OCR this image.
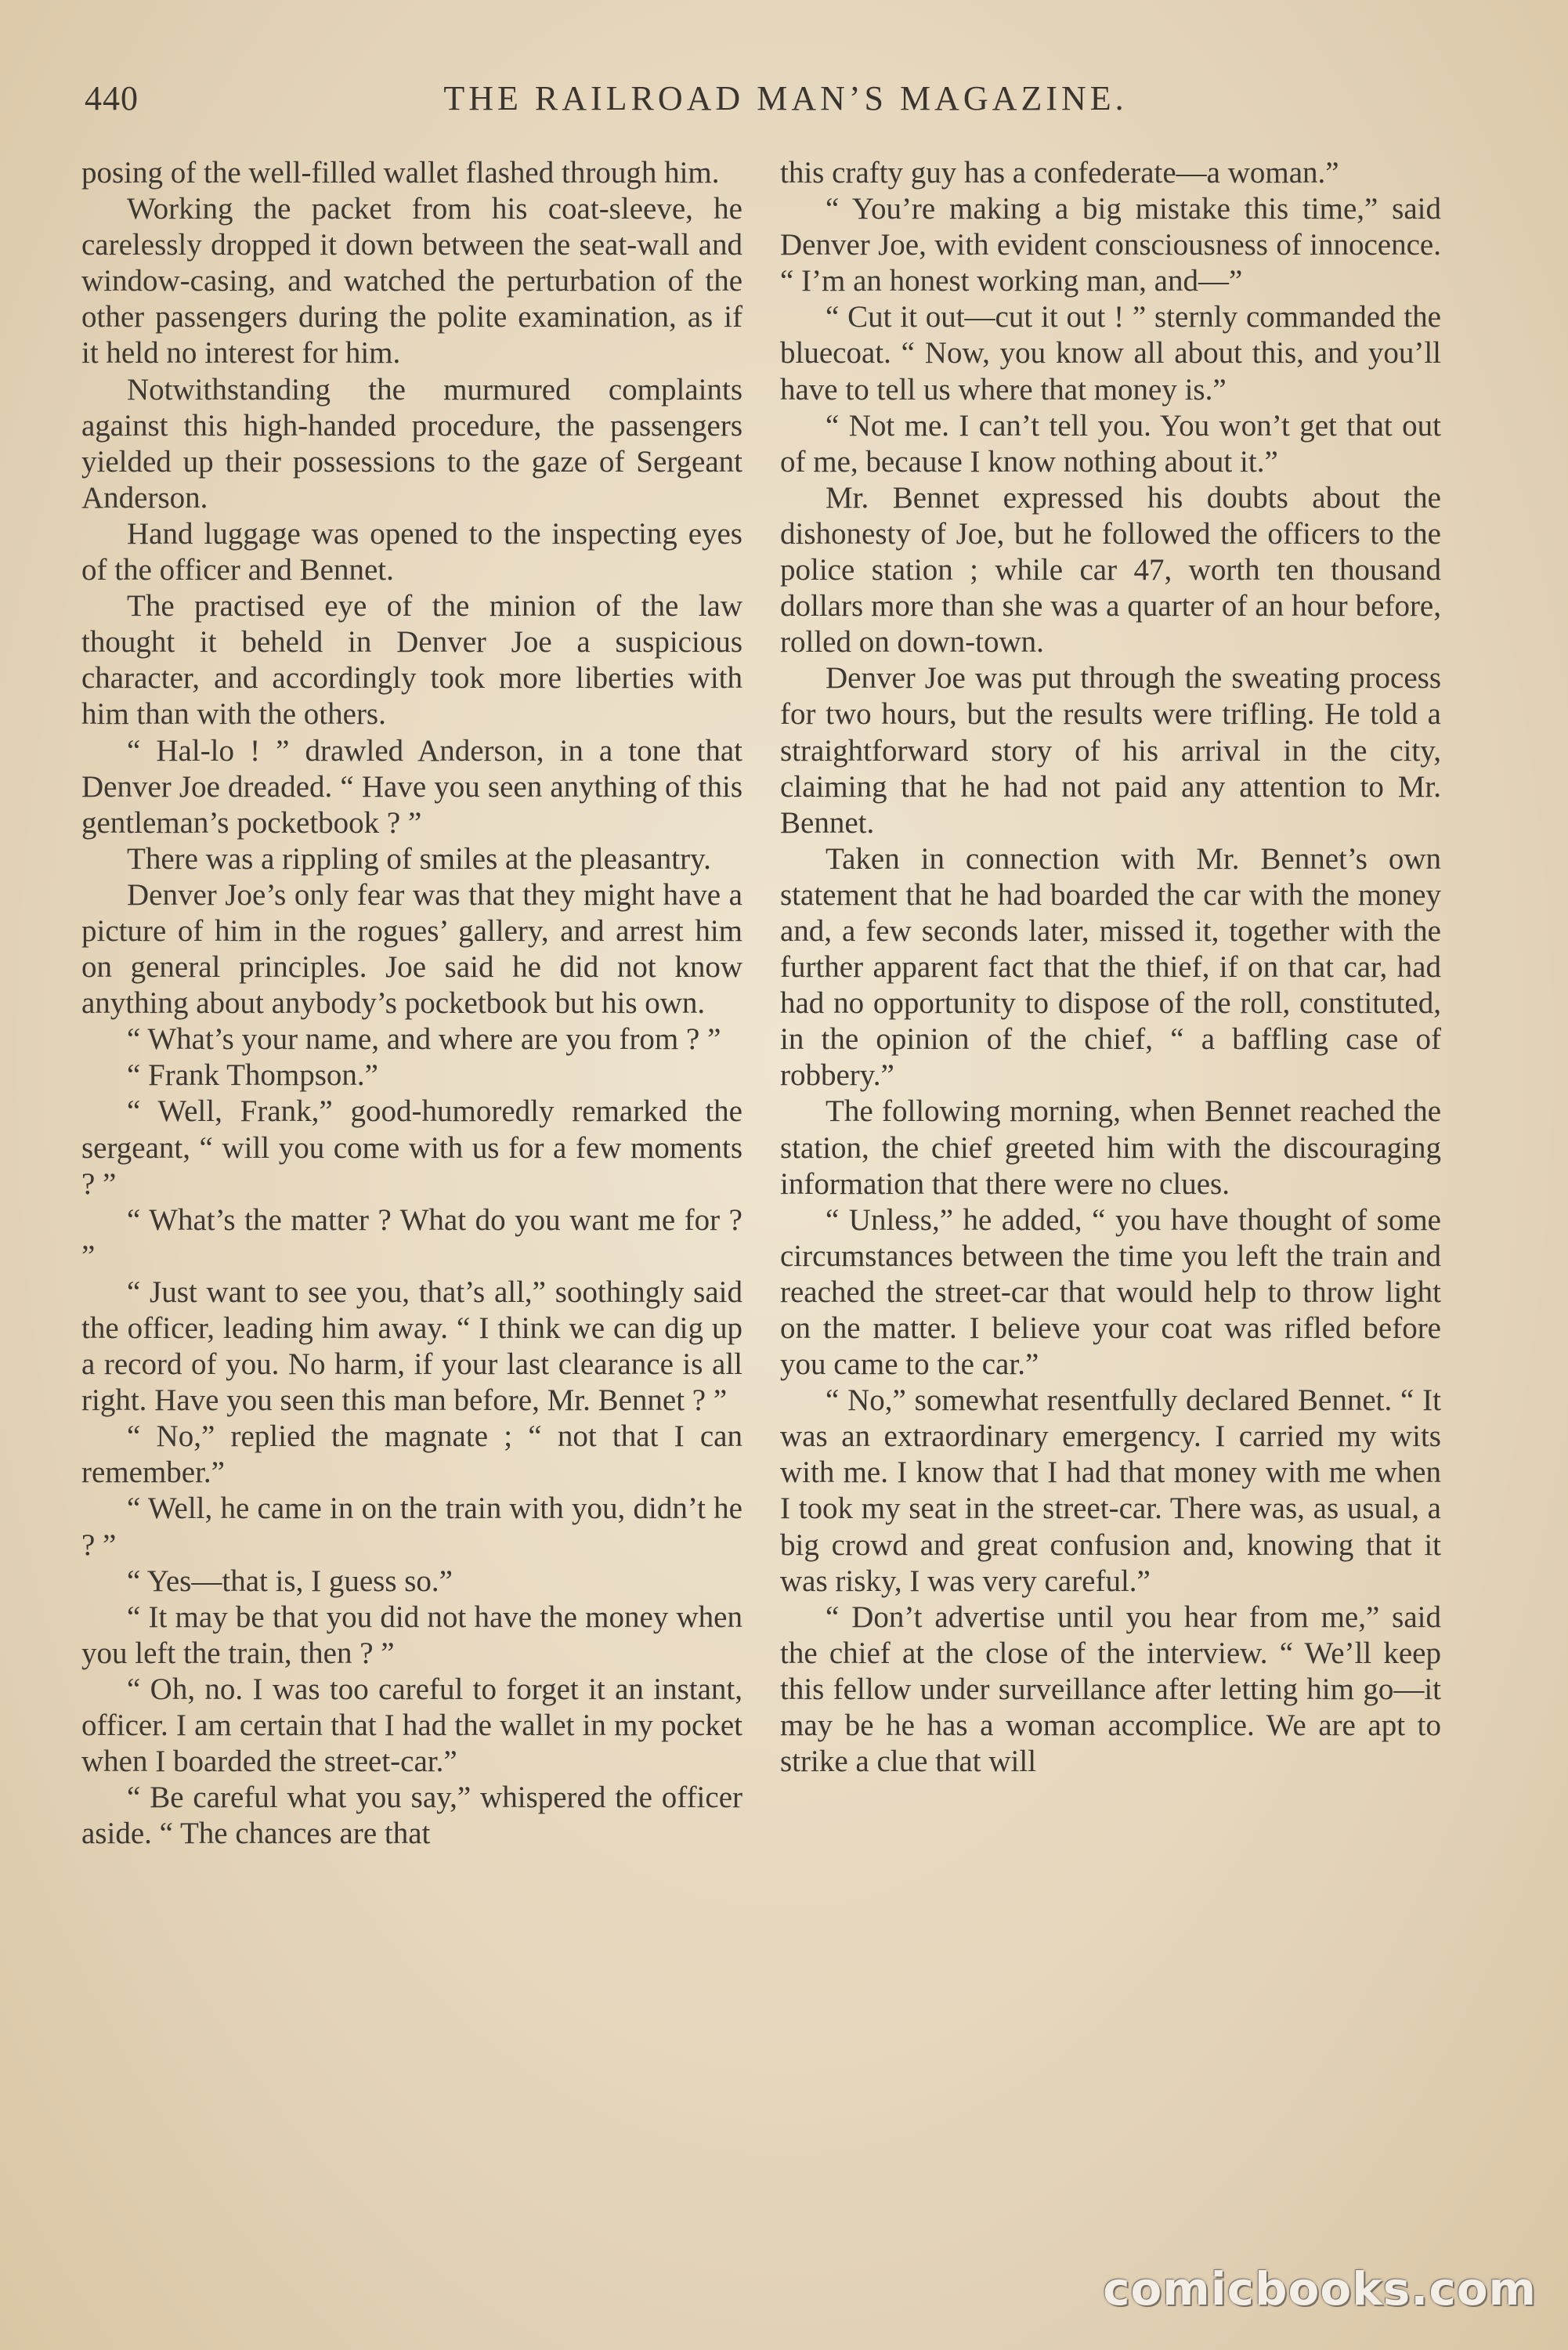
440	THE RAILROAD MAN’S MAGAZINE.

posing of the well-filled wallet flashed through him.

Working the packet from his coat-sleeve, he carelessly dropped it down between the seat-wall and window-casing, and watched the perturbation of the other passengers during the polite examination, as if it held no interest for him.

Notwithstanding the murmured complaints against this high-handed procedure, the passengers yielded up their possessions to the gaze of Sergeant Anderson.

Hand luggage was opened to the inspecting eyes of the officer and Bennet.

The practised eye of the minion of the law thought it beheld in Denver Joe a suspicious character, and accordingly took more liberties with him than with the others.

“ Hal-lo ! ” drawled Anderson, in a tone that Denver Joe dreaded. “ Have you seen anything of this gentleman’s pocketbook ? ”

There was a rippling of smiles at the pleasantry.

Denver Joe’s only fear was that they might have a picture of him in the rogues’ gallery, and arrest him on general principles. Joe said he did not know anything about anybody’s pocketbook but his own.

“ What’s your name, and where are you from ? ”

“ Frank Thompson.”

“ Well, Frank,” good-humoredly remarked the sergeant, “ will you come with us for a few moments ? ”

“ What’s the matter ? What do you want me for ? ”

“ Just want to see you, that’s all,” soothingly said the officer, leading him away. “ I think we can dig up a record of you. No harm, if your last clearance is all right. Have you seen this man before, Mr. Bennet ? ”

“ No,” replied the magnate ; “ not that I can remember.”

“ Well, he came in on the train with you, didn’t he ? ”

“ Yes—that is, I guess so.”

“ It may be that you did not have the money when you left the train, then ? ”

“ Oh, no. I was too careful to forget it an instant, officer. I am certain that I had the wallet in my pocket when I boarded the street-car.”

“ Be careful what you say,” whispered the officer aside. “ The chances are that

this crafty guy has a confederate—a woman.”

“ You’re making a big mistake this time,” said Denver Joe, with evident consciousness of innocence. “ I’m an honest working man, and—”

“ Cut it out—cut it out ! ” sternly commanded the bluecoat. “ Now, you know all about this, and you’ll have to tell us where that money is.”

“ Not me. I can’t tell you. You won’t get that out of me, because I know nothing about it.”

Mr. Bennet expressed his doubts about the dishonesty of Joe, but he followed the officers to the police station ; while car 47, worth ten thousand dollars more than she was a quarter of an hour before, rolled on down-town.

Denver Joe was put through the sweating process for two hours, but the results were trifling. He told a straightforward story of his arrival in the city, claiming that he had not paid any attention to Mr. Bennet.

Taken in connection with Mr. Bennet’s own statement that he had boarded the car with the money and, a few seconds later, missed it, together with the further apparent fact that the thief, if on that car, had had no opportunity to dispose of the roll, constituted, in the opinion of the chief, “ a baffling case of robbery.”

The following morning, when Bennet reached the station, the chief greeted him with the discouraging information that there were no clues.

“ Unless,” he added, “ you have thought of some circumstances between the time you left the train and reached the street-car that would help to throw light on the matter. I believe your coat was rifled before you came to the car.”

“ No,” somewhat resentfully declared Bennet. “ It was an extraordinary emergency. I carried my wits with me. I know that I had that money with me when I took my seat in the street-car. There was, as usual, a big crowd and great confusion and, knowing that it was risky, I was very careful.”

“ Don’t advertise until you hear from me,” said the chief at the close of the interview. “ We’ll keep this fellow under surveillance after letting him go—it may be he has a woman accomplice. We are apt to strike a clue that will

comicbooks.com
